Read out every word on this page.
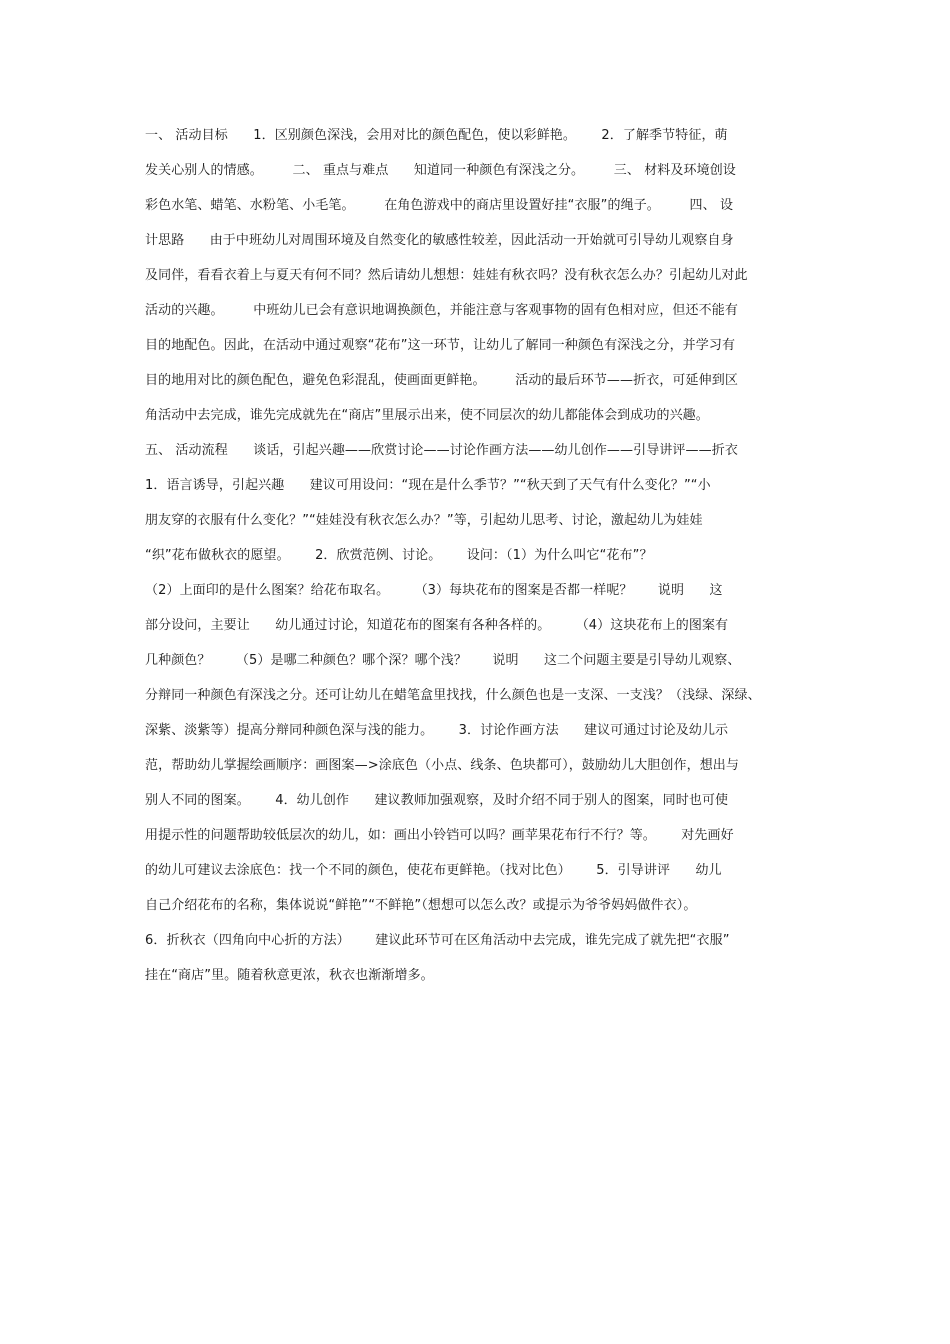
一、 活动目标      1．区别颜色深浅，会用对比的颜色配色，使以彩鲜艳。      2．了解季节特征，萌
发关心别人的情感。       二、 重点与难点      知道同一种颜色有深浅之分。       三、 材料及环境创设
彩色水笔、蜡笔、水粉笔、小毛笔。       在角色游戏中的商店里设置好挂“衣服”的绳子。       四、 设
计思路      由于中班幼儿对周围环境及自然变化的敏感性较差，因此活动一开始就可引导幼儿观察自身
及同伴，看看衣着上与夏天有何不同？然后请幼儿想想：娃娃有秋衣吗？没有秋衣怎么办？引起幼儿对此
活动的兴趣。       中班幼儿已会有意识地调换颜色，并能注意与客观事物的固有色相对应，但还不能有
目的地配色。因此，在活动中通过观察“花布”这一环节，让幼儿了解同一种颜色有深浅之分，并学习有
目的地用对比的颜色配色，避免色彩混乱，使画面更鲜艳。       活动的最后环节——折衣，可延伸到区
角活动中去完成，谁先完成就先在“商店”里展示出来，使不同层次的幼儿都能体会到成功的兴趣。
五、 活动流程      谈话，引起兴趣——欣赏讨论——讨论作画方法——幼儿创作——引导讲评——折衣
1．语言诱导，引起兴趣      建议可用设问：“现在是什么季节？”“秋天到了天气有什么变化？”“小
朋友穿的衣服有什么变化？”“娃娃没有秋衣怎么办？”等，引起幼儿思考、讨论，激起幼儿为娃娃
“织”花布做秋衣的愿望。      2．欣赏范例、讨论。      设问：（1）为什么叫它“花布”？
（2）上面印的是什么图案？给花布取名。      （3）每块花布的图案是否都一样呢？      说明      这
部分设问，主要让      幼儿通过讨论，知道花布的图案有各种各样的。      （4）这块花布上的图案有
几种颜色？      （5）是哪二种颜色？哪个深？哪个浅？      说明      这二个问题主要是引导幼儿观察、
分辩同一种颜色有深浅之分。还可让幼儿在蜡笔盒里找找，什么颜色也是一支深、一支浅？（浅绿、深绿、
深紫、淡紫等）提高分辩同种颜色深与浅的能力。      3．讨论作画方法      建议可通过讨论及幼儿示
范，帮助幼儿掌握绘画顺序：画图案—>涂底色（小点、线条、色块都可），鼓励幼儿大胆创作，想出与
别人不同的图案。      4．幼儿创作      建议教师加强观察，及时介绍不同于别人的图案，同时也可使
用提示性的问题帮助较低层次的幼儿，如：画出小铃铛可以吗？画苹果花布行不行？等。      对先画好
的幼儿可建议去涂底色：找一个不同的颜色，使花布更鲜艳。（找对比色）      5．引导讲评      幼儿
自己介绍花布的名称，集体说说“鲜艳”“不鲜艳”（想想可以怎么改？或提示为爷爷妈妈做件衣）。
6．折秋衣（四角向中心折的方法）      建议此环节可在区角活动中去完成，谁先完成了就先把“衣服”
挂在“商店”里。随着秋意更浓，秋衣也渐渐增多。
